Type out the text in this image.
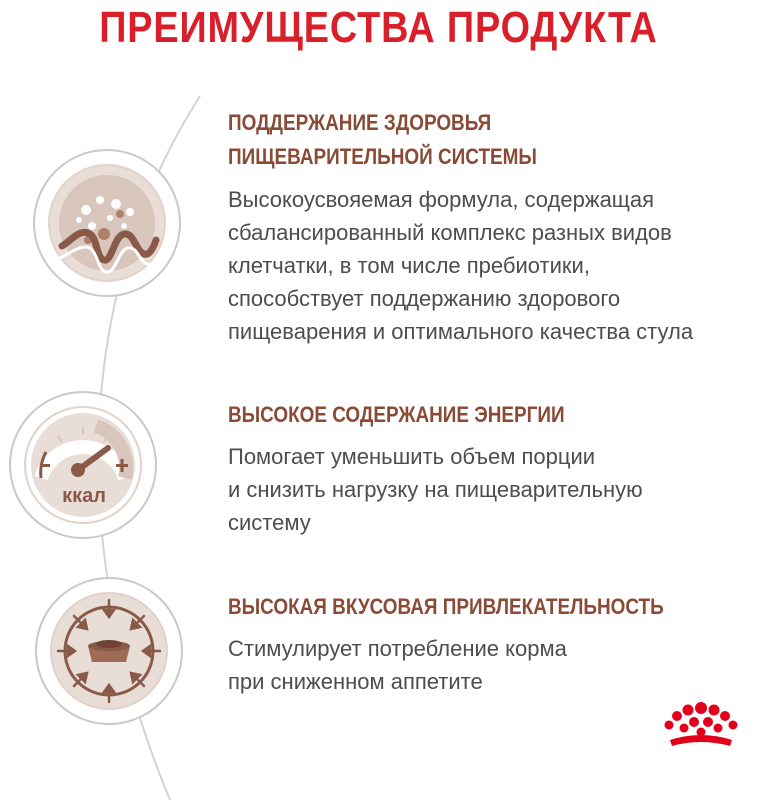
ПРЕИМУЩЕСТВА ПРОДУКТА
ПОДДЕРЖАНИЕ ЗДОРОВЬЯ
ПИЩЕВАРИТЕЛЬНОЙ СИСТЕМЫ

Высокоусвояемая формула, содержащая
сбалансированный комплекс разных видов
клетчатки, в том числе пребиотики,
способствует поддержанию здорового
пищеварения и оптимального качества стула

ккал
ВЫСОКОЕ СОДЕРЖАНИЕ ЭНЕРГИИ

Помогает уменьшить объем порции
и снизить нагрузку на пищеварительную
систему

ВЫСОКАЯ ВКУСОВАЯ ПРИВЛЕКАТЕЛЬНОСТЬ

Стимулирует потребление корма
при сниженном аппетите
